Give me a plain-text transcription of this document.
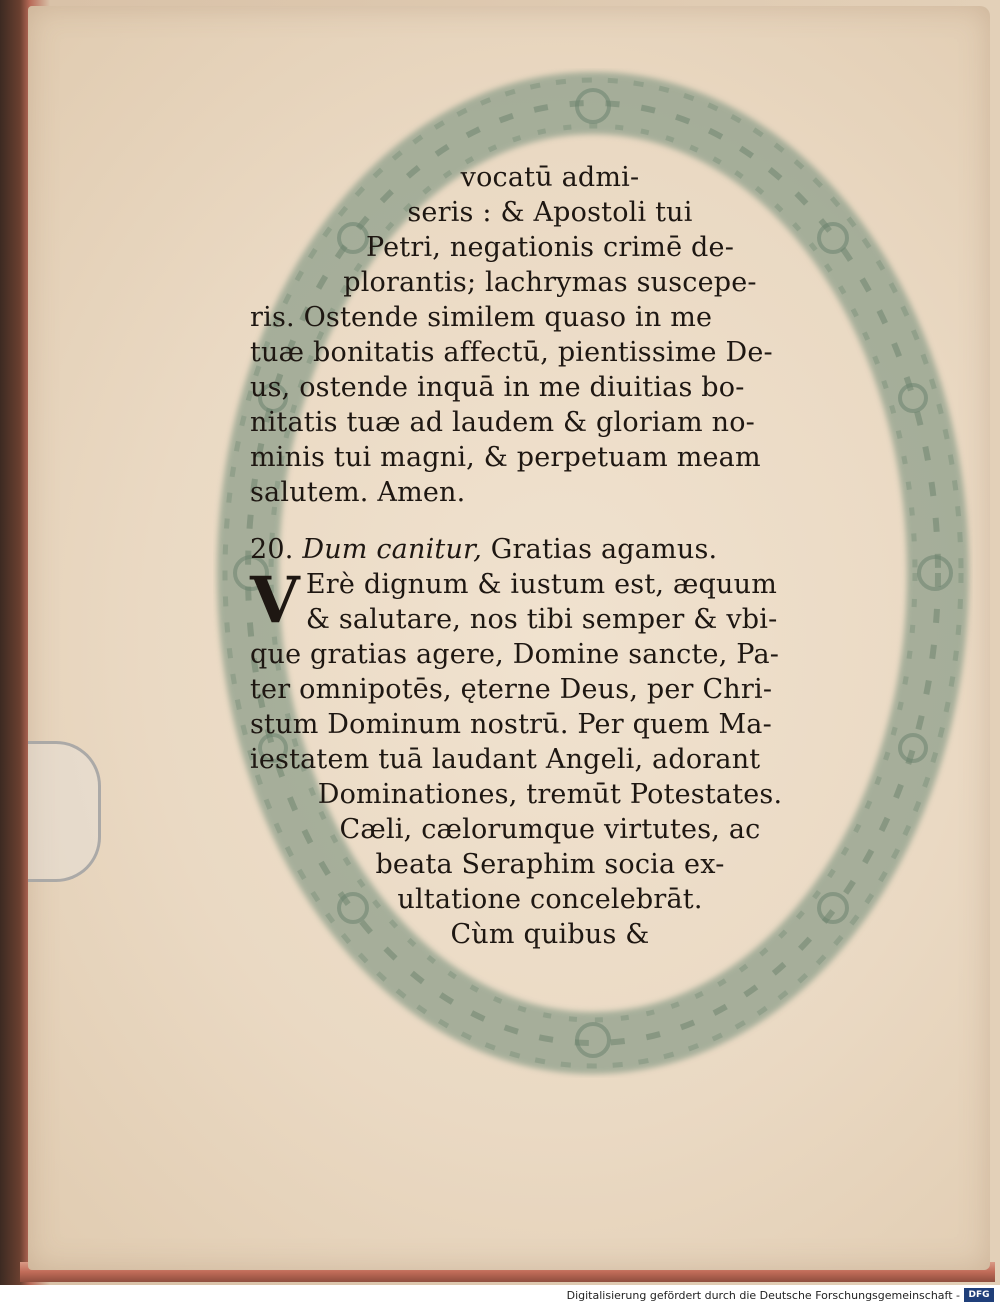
vocatū admi-
seris : & Apostoli tui
Petri, negationis crimē de-
plorantis; lachrymas suscepe-
ris. Ostende similem quaso in me
tuæ bonitatis affectū, pientissime De-
us, ostende inquā in me diuitias bo-
nitatis tuæ ad laudem & gloriam no-
minis tui magni, & perpetuam meam
salutem. Amen.
20. Dum canitur, Gratias agamus.
V Erè dignum & iustum est, æquum
& salutare, nos tibi semper & vbi-
que gratias agere, Domine sancte, Pa-
ter omnipotēs, ęterne Deus, per Chri-
stum Dominum nostrū. Per quem Ma-
iestatem tuā laudant Angeli, adorant
Dominationes, tremūt Potestates.
Cæli, cælorumque virtutes, ac
beata Seraphim socia ex-
ultatione concelebrāt.
Cùm quibus &
Digitalisierung gefördert durch die Deutsche Forschungsgemeinschaft - DFG
